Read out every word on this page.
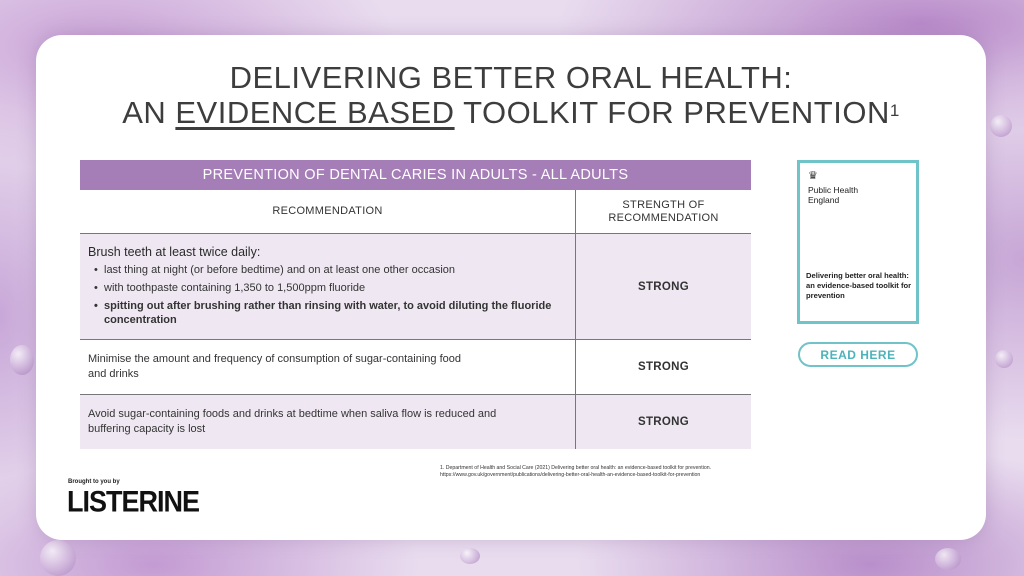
DELIVERING BETTER ORAL HEALTH:
AN EVIDENCE BASED TOOLKIT FOR PREVENTION$^1$
PREVENTION OF DENTAL CARIES IN ADULTS - ALL ADULTS
RECOMMENDATION
STRENGTH OF RECOMMENDATION
Brush teeth at least twice daily:
• last thing at night (or before bedtime) and on at least one other occasion
• with toothpaste containing 1,350 to 1,500ppm fluoride
• spitting out after brushing rather than rinsing with water, to avoid diluting the fluoride concentration
STRONG
Minimise the amount and frequency of consumption of sugar-containing food and drinks
STRONG
Avoid sugar-containing foods and drinks at bedtime when saliva flow is reduced and buffering capacity is lost
STRONG
1. Department of Health and Social Care (2021) Delivering better oral health: an evidence-based toolkit for prevention.
https://www.gov.uk/government/publications/delivering-better-oral-health-an-evidence-based-toolkit-for-prevention
♛
Public Health England
Delivering better oral health: an evidence-based toolkit for prevention
READ HERE
Brought to you by
LISTERINE
